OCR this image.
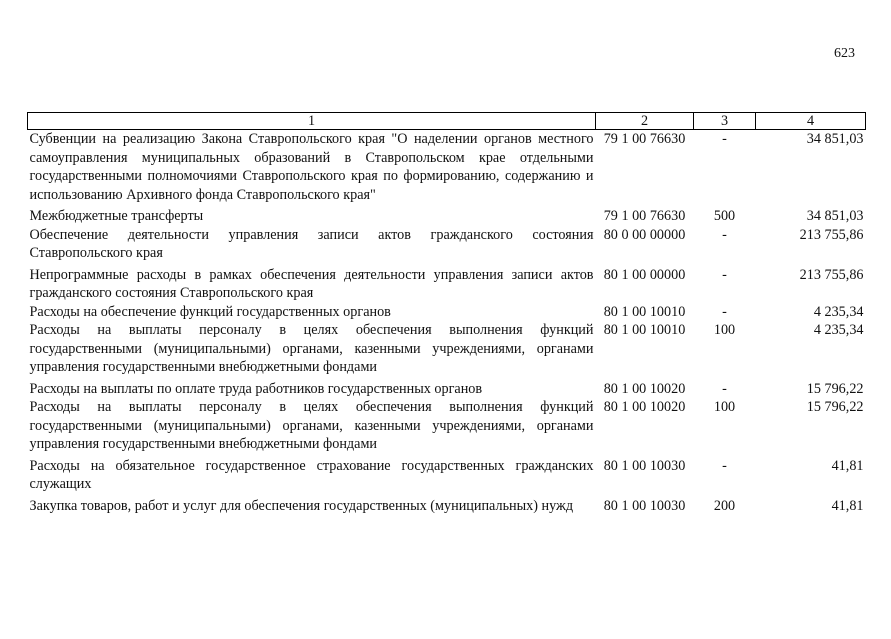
623
1	2	3	4
Субвенции на реализацию Закона Ставропольского края "О наделении органов местного самоуправления муниципальных образований в Ставропольском крае отдельными государственными полномочиями Ставропольского края по формированию, содержанию и использованию Архивного фонда Ставропольского края"	79 1 00 76630	-	34 851,03
Межбюджетные трансферты	79 1 00 76630	500	34 851,03
Обеспечение деятельности управления записи актов гражданского состояния Ставропольского края	80 0 00 00000	-	213 755,86
Непрограммные расходы в рамках обеспечения деятельности управления записи актов гражданского состояния Ставропольского края	80 1 00 00000	-	213 755,86
Расходы на обеспечение функций государственных органов	80 1 00 10010	-	4 235,34
Расходы на выплаты персоналу в целях обеспечения выполнения функций государственными (муниципальными) органами, казенными учреждениями, органами управления государственными внебюджетными фондами	80 1 00 10010	100	4 235,34
Расходы на выплаты по оплате труда работников государственных органов	80 1 00 10020	-	15 796,22
Расходы на выплаты персоналу в целях обеспечения выполнения функций государственными (муниципальными) органами, казенными учреждениями, органами управления государственными внебюджетными фондами	80 1 00 10020	100	15 796,22
Расходы на обязательное государственное страхование государственных гражданских служащих	80 1 00 10030	-	41,81
Закупка товаров, работ и услуг для обеспечения государственных (муниципальных) нужд	80 1 00 10030	200	41,81
